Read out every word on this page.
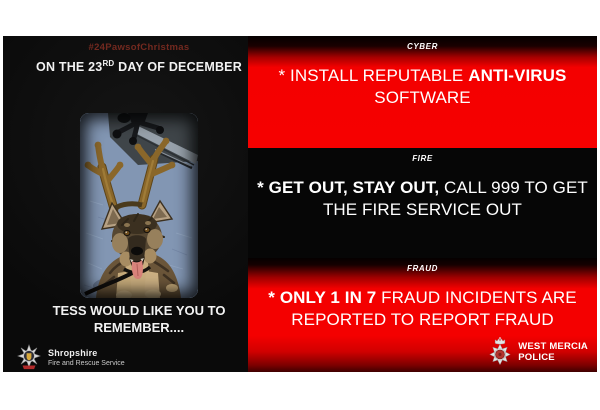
#24PawsofChristmas
ON THE 23RD DAY OF DECEMBER
TESS WOULD LIKE YOU TO
REMEMBER....
Shropshire
Fire and Rescue Service
CYBER
* INSTALL REPUTABLE ANTI-VIRUS SOFTWARE
FIRE
* GET OUT, STAY OUT, CALL 999 TO GET THE FIRE SERVICE OUT
FRAUD
* ONLY 1 IN 7 FRAUD INCIDENTS ARE REPORTED TO REPORT FRAUD
WEST MERCIA
POLICE
